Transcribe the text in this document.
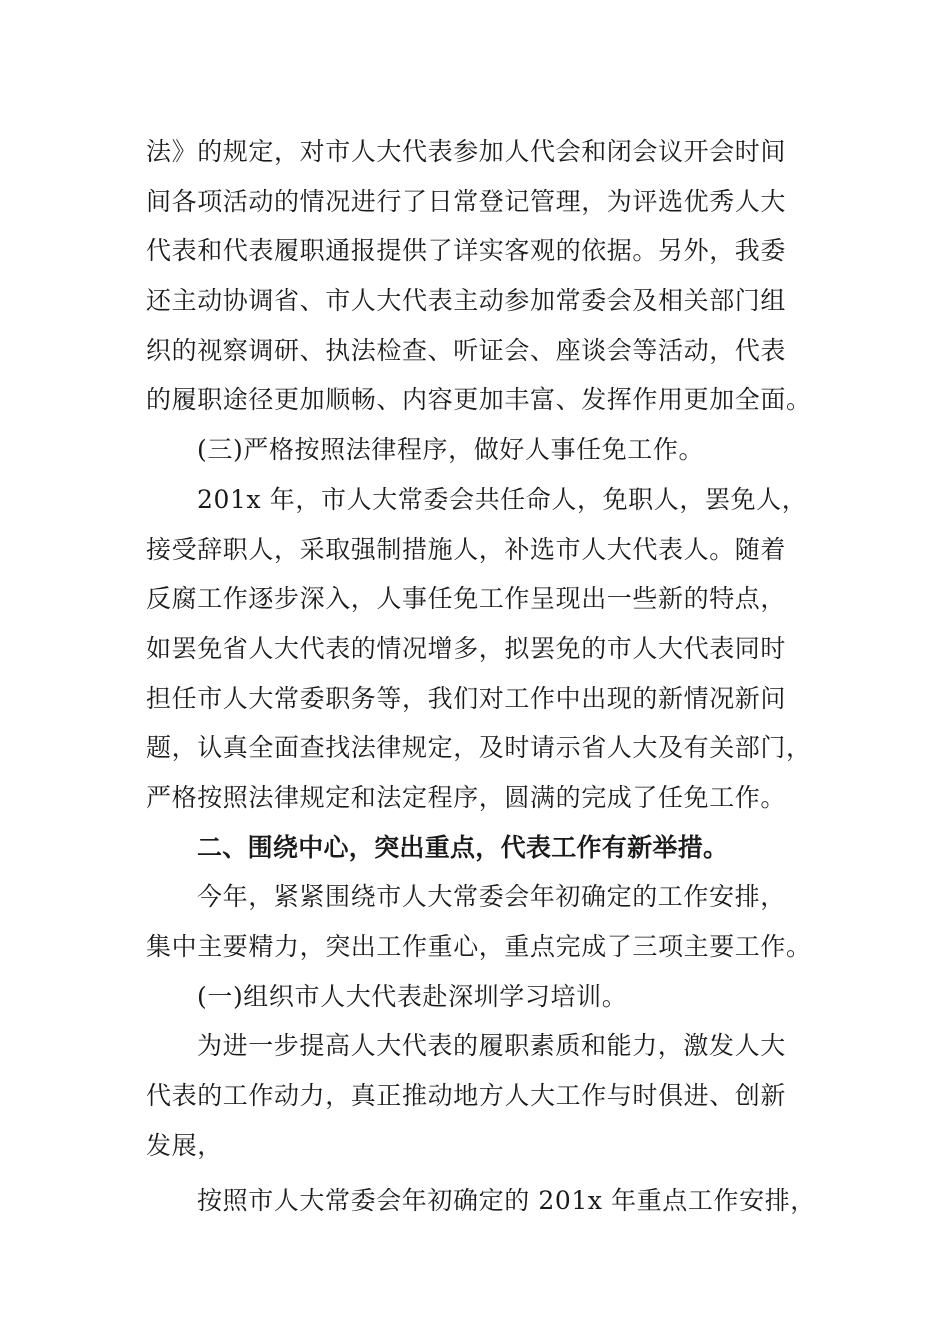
法》的规定，对市人大代表参加人代会和闭会议开会时间
间各项活动的情况进行了日常登记管理，为评选优秀人大
代表和代表履职通报提供了详实客观的依据。另外，我委
还主动协调省、市人大代表主动参加常委会及相关部门组
织的视察调研、执法检查、听证会、座谈会等活动，代表
的履职途径更加顺畅、内容更加丰富、发挥作用更加全面。
(三)严格按照法律程序，做好人事任免工作。
201x 年，市人大常委会共任命人，免职人，罢免人，
接受辞职人，采取强制措施人，补选市人大代表人。随着
反腐工作逐步深入，人事任免工作呈现出一些新的特点，
如罢免省人大代表的情况增多，拟罢免的市人大代表同时
担任市人大常委职务等，我们对工作中出现的新情况新问
题，认真全面查找法律规定，及时请示省人大及有关部门，
严格按照法律规定和法定程序，圆满的完成了任免工作。
二、围绕中心，突出重点，代表工作有新举措。
今年，紧紧围绕市人大常委会年初确定的工作安排，
集中主要精力，突出工作重心，重点完成了三项主要工作。
(一)组织市人大代表赴深圳学习培训。
为进一步提高人大代表的履职素质和能力，激发人大
代表的工作动力，真正推动地方人大工作与时俱进、创新
发展，
按照市人大常委会年初确定的 201x 年重点工作安排，
